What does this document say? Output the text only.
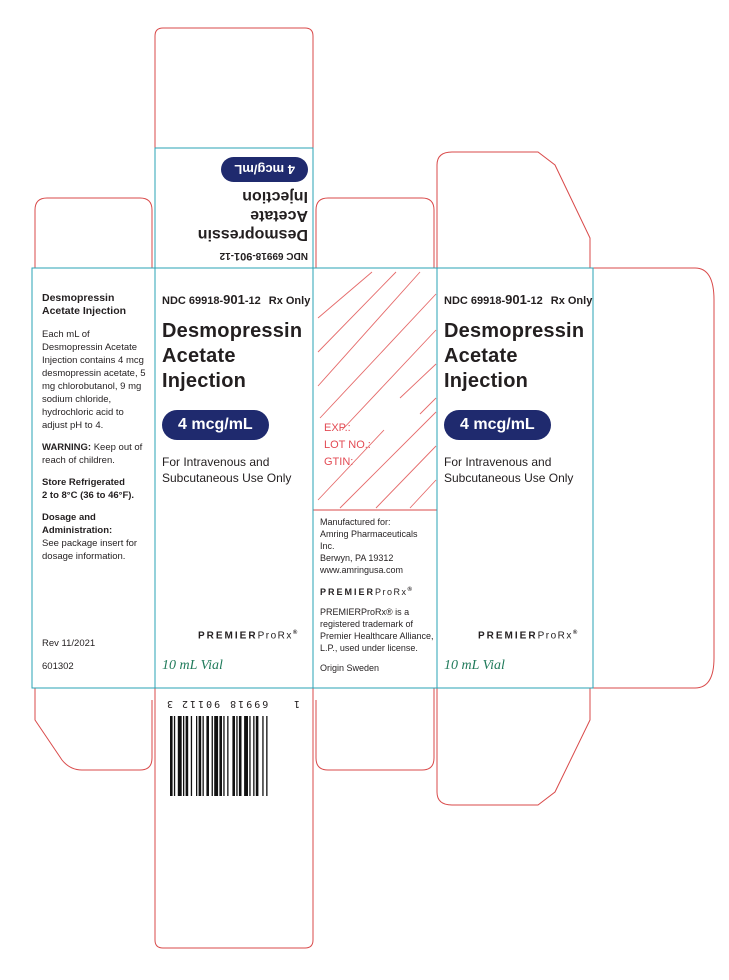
NDC 69918-901-12
Desmopressin
Acetate
Injection
4 mcg/mL
Desmopressin
Acetate Injection

Each mL of Desmopressin Acetate Injection contains 4 mcg desmopressin acetate, 5 mg chlorobutanol, 9 mg sodium chloride, hydrochloric acid to adjust pH to 4.

WARNING: Keep out of reach of children.

Store Refrigerated
2 to 8°C (36 to 46°F).

Dosage and Administration:
See package insert for dosage information.

Rev 11/2021
601302
NDC 69918-901-12 Rx Only
Desmopressin
Acetate
Injection
4 mcg/mL
For Intravenous and
Subcutaneous Use Only
PREMIERProRx®
10 mL Vial
EXP.:
LOT NO.:
GTIN:

Manufactured for:
Amring Pharmaceuticals Inc.
Berwyn, PA 19312
www.amringusa.com

PREMIERProRx®

PREMIERProRx® is a registered trademark of Premier Healthcare Alliance, L.P., used under license.

Origin Sweden

NDC 69918-901-12 Rx Only
Desmopressin
Acetate
Injection
4 mcg/mL
For Intravenous and
Subcutaneous Use Only
PREMIERProRx®
10 mL Vial
3 69918 90112	1
